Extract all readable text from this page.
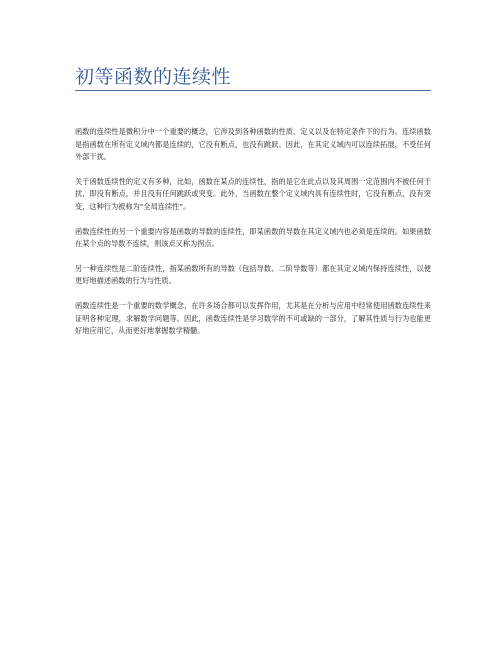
初等函数的连续性

函数的连续性是微积分中一个重要的概念，它涉及到各种函数的性质、定义以及在特定条件下的行为。连续函数是指函数在所有定义域内都是连续的，它没有断点，也没有跳跃。因此，在其定义域内可以连续拓展，不受任何外部干扰。

关于函数连续性的定义有多种，比如，函数在某点的连续性，指的是它在此点以及其周围一定范围内不被任何干扰，即没有断点，并且没有任何跳跃或突变。此外，当函数在整个定义域内具有连续性时，它没有断点，没有突变，这种行为被称为“全局连续性”。

函数连续性的另一个重要内容是函数的导数的连续性，即某函数的导数在其定义域内也必须是连续的。如果函数在某个点的导数不连续，则该点又称为拐点。

另一种连续性是二阶连续性，指某函数所有的导数（包括导数、二阶导数等）都在其定义域内保持连续性，以便更好地描述函数的行为与性质。

函数连续性是一个重要的数学概念，在许多场合都可以发挥作用，尤其是在分析与应用中经常使用函数连续性来证明各种定理，求解数学问题等。因此，函数连续性是学习数学的不可或缺的一部分，了解其性质与行为也能更好地应用它，从而更好地掌握数学精髓。
